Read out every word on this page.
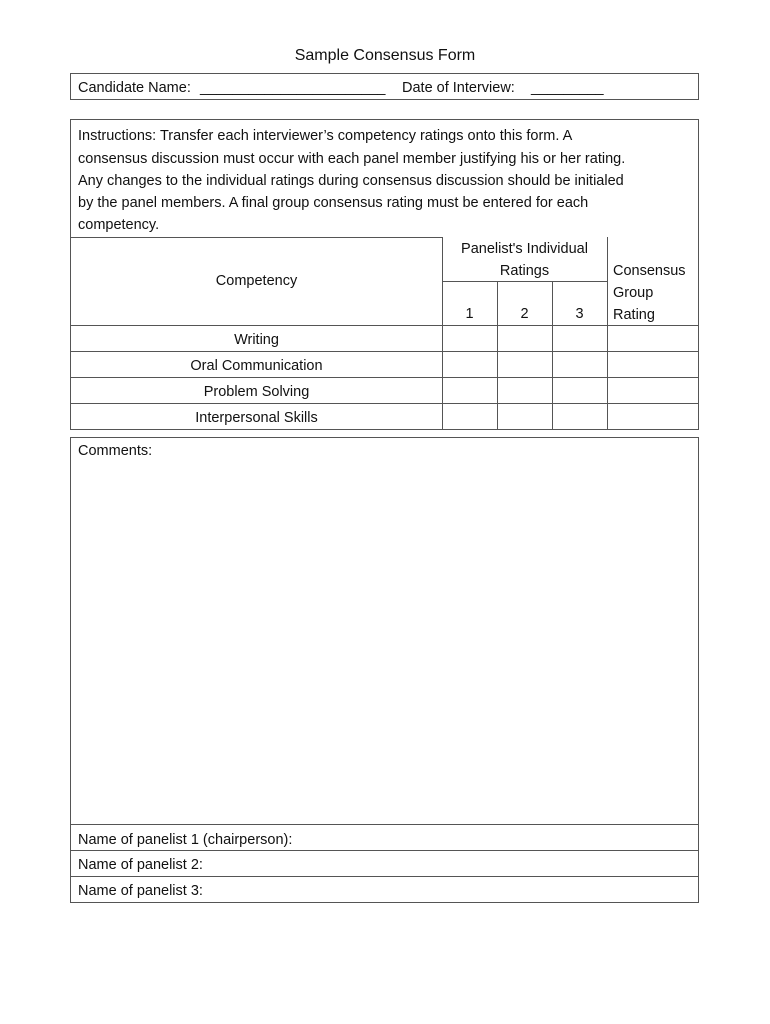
Sample Consensus Form
Candidate Name: _______________________ Date of Interview: _________
Instructions: Transfer each interviewer’s competency ratings onto this form. A
consensus discussion must occur with each panel member justifying his or her rating.
Any changes to the individual ratings during consensus discussion should be initialed
by the panel members. A final group consensus rating must be entered for each
competency.
Competency
Panelist's Individual
Ratings
1	2	3
Consensus
Group
Rating
Writing
Oral Communication
Problem Solving
Interpersonal Skills
Comments:
Name of panelist 1 (chairperson):
Name of panelist 2:
Name of panelist 3:
